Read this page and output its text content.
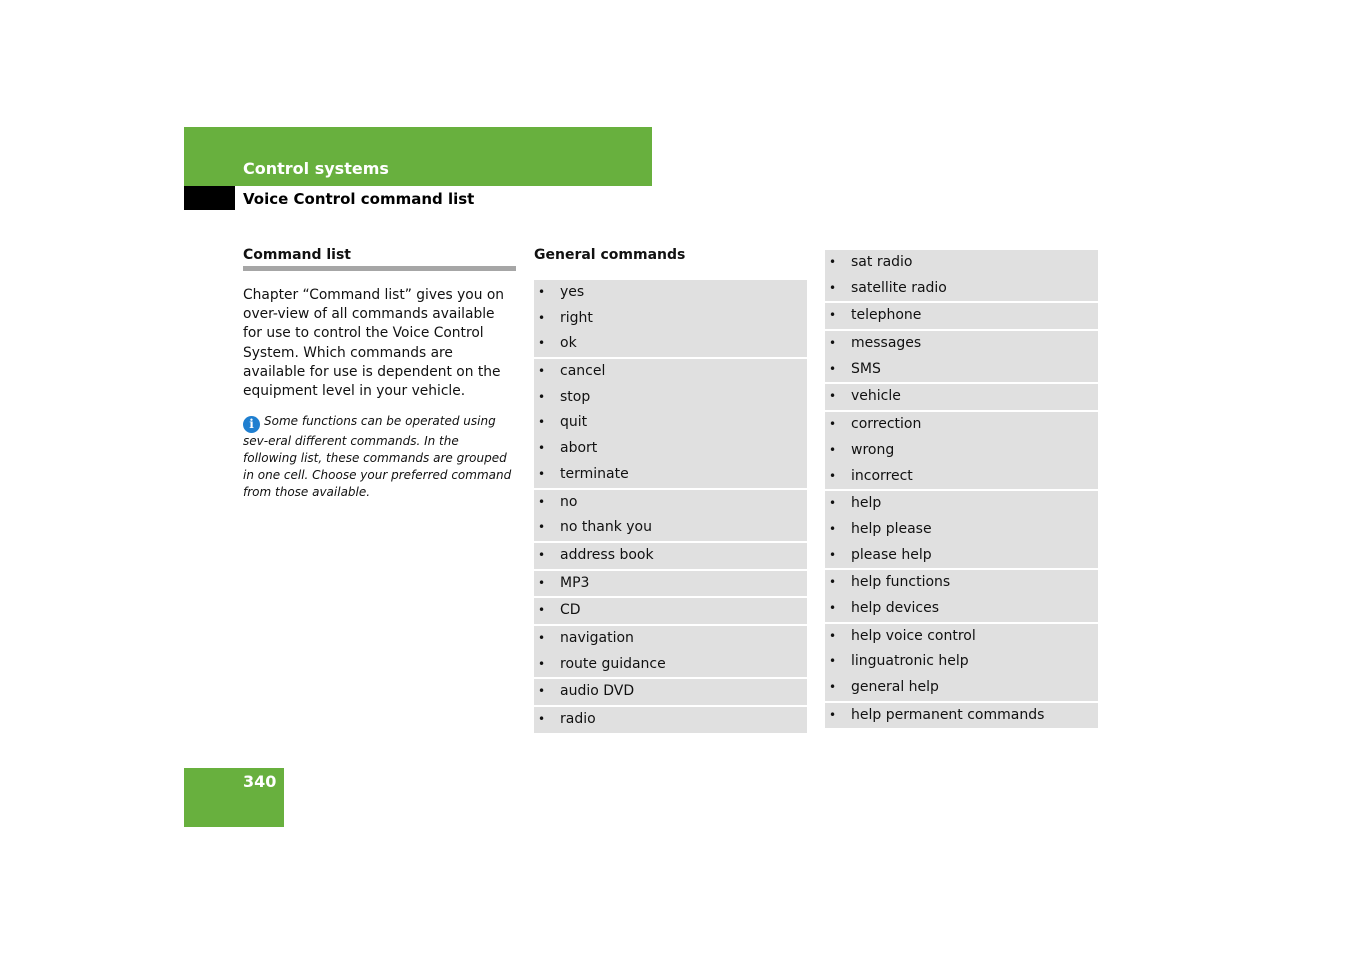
Control systems
Voice Control command list
Command list

Chapter “Command list” gives you on over-view of all commands available for use to control the Voice Control System. Which commands are available for use is dependent on the equipment level in your vehicle.

i Some functions can be operated using sev-eral different commands. In the following list, these commands are grouped in one cell. Choose your preferred command from those available.
General commands
• yes
• right
• ok
• cancel
• stop
• quit
• abort
• terminate
• no
• no thank you
• address book
• MP3
• CD
• navigation
• route guidance
• audio DVD
• radio
• sat radio
• satellite radio
• telephone
• messages
• SMS
• vehicle
• correction
• wrong
• incorrect
• help
• help please
• please help
• help functions
• help devices
• help voice control
• linguatronic help
• general help
• help permanent commands
340
